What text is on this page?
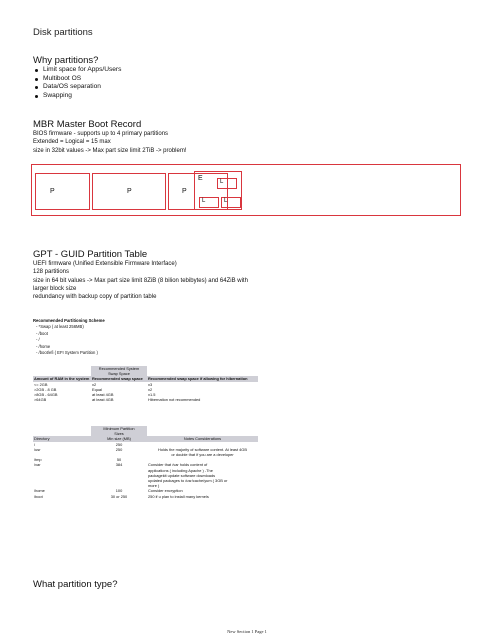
Disk partitions
Why partitions?
Limit space for Apps/Users
Multiboot OS
Data/OS separation
Swapping
MBR Master Boot Record
BIOS firmware - supports up to 4 primary partitions
Extended = Logical = 15 max
size in 32bit values -> Max part size limit 2TiB -> problem!
P	P	P
E	L
L	L
GPT - GUID Partition Table
UEFI firmware (Unified Extensible Firmware Interface)
128 partitions
size in 64 bit values -> Max part size limit 8ZiB (8 bilion tebibytes) and 64ZiB with
larger block size
redundancy with backup copy of partition table
Recommended Partitioning Scheme
- *Swap ( at least 256MB)
- /boot
- /
- /home
- /boot/efi ( EFI System Partition )

	Recommended System
Swap Space	

Amount of RAM in the system	Recommended swap space	Recommended swap space if allowing for hibernation
<= 2GB	x2	x3
>2GB - 8 GB	Equal	x2
>8GB - 64GB	at least 4GB	x1.5
>64GB	at least 4GB	Hibernation not recommended

	Minimum Partition
Sizes	

Directory	Min size (MB)	Notes Considerations
/	250	
/usr	250	Holds the majority of software content. At least 4GB or double that if you are a developer
/tmp	50	
/var	384	Consider that /var holds content of applications ( including Apache ) -The packagekit update software downloads updated packages to /usr/cache/yum ( 3GB or more )
/home	100	Consider encryption
/boot	30 or 250	250 if u plan to install many kernels
What partition type?
New Section 1 Page 1
